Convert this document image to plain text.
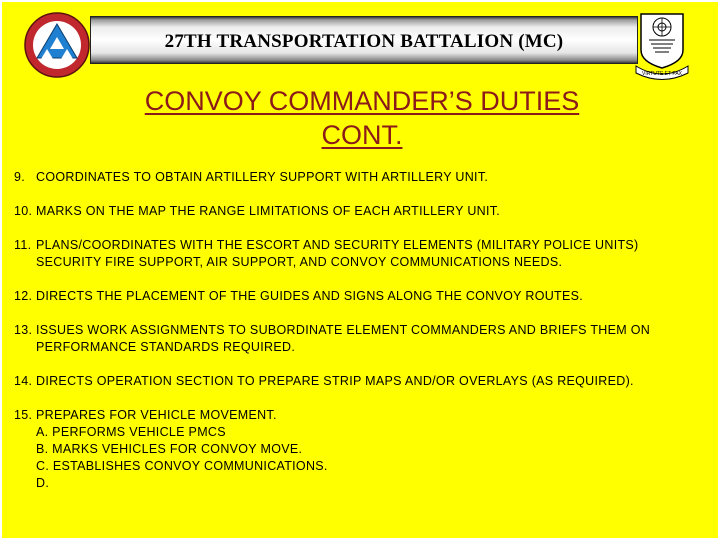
27TH TRANSPORTATION BATTALION (MC)
VIRTUTE ET PAX
CONVOY COMMANDER’S DUTIES
CONT.
9. COORDINATES TO OBTAIN ARTILLERY SUPPORT WITH ARTILLERY UNIT.
10. MARKS ON THE MAP THE RANGE LIMITATIONS OF EACH ARTILLERY UNIT.
11. PLANS/COORDINATES WITH THE ESCORT AND SECURITY ELEMENTS (MILITARY POLICE UNITS)
SECURITY FIRE SUPPORT, AIR SUPPORT, AND CONVOY COMMUNICATIONS NEEDS.
12. DIRECTS THE PLACEMENT OF THE GUIDES AND SIGNS ALONG THE CONVOY ROUTES.
13. ISSUES WORK ASSIGNMENTS TO SUBORDINATE ELEMENT COMMANDERS AND BRIEFS THEM ON
PERFORMANCE STANDARDS REQUIRED.
14. DIRECTS OPERATION SECTION TO PREPARE STRIP MAPS AND/OR OVERLAYS (AS REQUIRED).
15. PREPARES FOR VEHICLE MOVEMENT.
A. PERFORMS VEHICLE PMCS
B. MARKS VEHICLES FOR CONVOY MOVE.
C. ESTABLISHES CONVOY COMMUNICATIONS.
D.
